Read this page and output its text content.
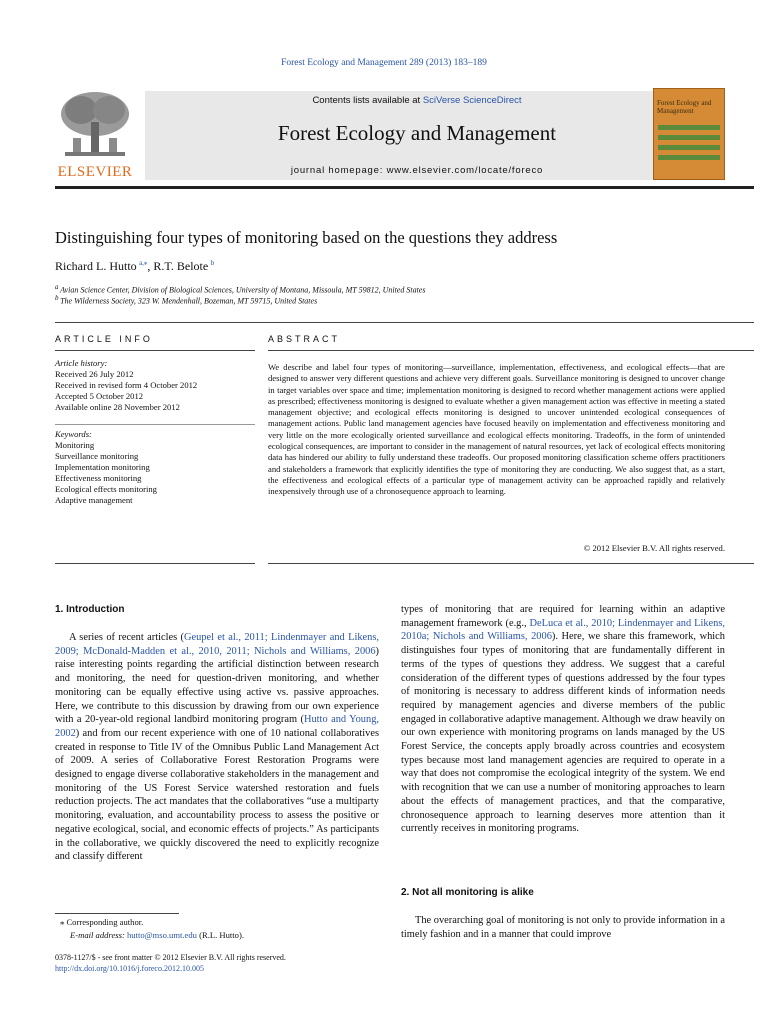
Forest Ecology and Management 289 (2013) 183–189
ELSEVIER
Contents lists available at SciVerse ScienceDirect
Forest Ecology and Management
journal homepage: www.elsevier.com/locate/foreco
Forest Ecology and Management
Distinguishing four types of monitoring based on the questions they address
Richard L. Hutto  $^{a,⁎}$, R.T. Belote  $^b$
$^a$  Avian Science Center, Division of Biological Sciences, University of Montana, Missoula, MT 59812, United States
$^b$  The Wilderness Society, 323 W. Mendenhall, Bozeman, MT 59715, United States
ARTICLE INFO
Article history:
Received 26 July 2012
Received in revised form 4 October 2012
Accepted 5 October 2012
Available online 28 November 2012
Keywords:
Monitoring
Surveillance monitoring
Implementation monitoring
Effectiveness monitoring
Ecological effects monitoring
Adaptive management
ABSTRACT
We describe and label four types of monitoring—surveillance, implementation, effectiveness, and ecological effects—that are designed to answer very different questions and achieve very different goals. Surveillance monitoring is designed to uncover change in target variables over space and time; implementation monitoring is designed to record whether management actions were applied as prescribed; effectiveness monitoring is designed to evaluate whether a given management action was effective in meeting a stated management objective; and ecological effects monitoring is designed to uncover unintended ecological consequences of management actions. Public land management agencies have focused heavily on implementation and effectiveness monitoring and very little on the more ecologically oriented surveillance and ecological effects monitoring. Tradeoffs, in the form of unintended ecological consequences, are important to consider in the management of natural resources, yet lack of ecological effects monitoring data has hindered our ability to fully understand these tradeoffs. Our proposed monitoring classification scheme offers practitioners and stakeholders a framework that explicitly identifies the type of monitoring they are conducting. We also suggest that, as a start, the effectiveness and ecological effects of a particular type of management activity can be approached rapidly and relatively inexpensively through use of a chronosequence approach to learning.
© 2012 Elsevier B.V. All rights reserved.
1. Introduction
A series of recent articles (Geupel et al., 2011; Lindenmayer and Likens, 2009; McDonald-Madden et al., 2010, 2011; Nichols and Williams, 2006) raise interesting points regarding the artificial distinction between research and monitoring, the need for question-driven monitoring, and whether monitoring can be equally effective using active vs. passive approaches. Here, we contribute to this discussion by drawing from our own experience with a 20-year-old regional landbird monitoring program (Hutto and Young, 2002) and from our recent experience with one of 10 national collaboratives created in response to Title IV of the Omnibus Public Land Management Act of 2009. A series of Collaborative Forest Restoration Programs were designed to engage diverse collaborative stakeholders in the management and monitoring of the US Forest Service watershed restoration and fuels reduction projects. The act mandates that the collaboratives “use a multiparty monitoring, evaluation, and accountability process to assess the positive or negative ecological, social, and economic effects of projects.” As participants in the collaborative, we quickly discovered the need to explicitly recognize and classify different
types of monitoring that are required for learning within an adaptive management framework (e.g., DeLuca et al., 2010; Lindenmayer and Likens, 2010a; Nichols and Williams, 2006). Here, we share this framework, which distinguishes four types of monitoring that are fundamentally different in terms of the types of questions they address. We suggest that a careful consideration of the different types of questions addressed by the four types of monitoring is necessary to address different kinds of information needs required by management agencies and diverse members of the public engaged in collaborative adaptive management. Although we draw heavily on our own experience with monitoring programs on lands managed by the US Forest Service, the concepts apply broadly across countries and ecosystem types because most land management agencies are required to operate in a way that does not compromise the ecological integrity of the system. We end with recognition that we can use a number of monitoring approaches to learn about the effects of management practices, and that the comparative, chronosequence approach to learning deserves more attention than it currently receives in monitoring programs.
2. Not all monitoring is alike
The overarching goal of monitoring is not only to provide information in a timely fashion and in a manner that could improve
⁎ Corresponding author.
E-mail address: hutto@mso.umt.edu (R.L. Hutto).
0378-1127/$ - see front matter © 2012 Elsevier B.V. All rights reserved.
http://dx.doi.org/10.1016/j.foreco.2012.10.005
